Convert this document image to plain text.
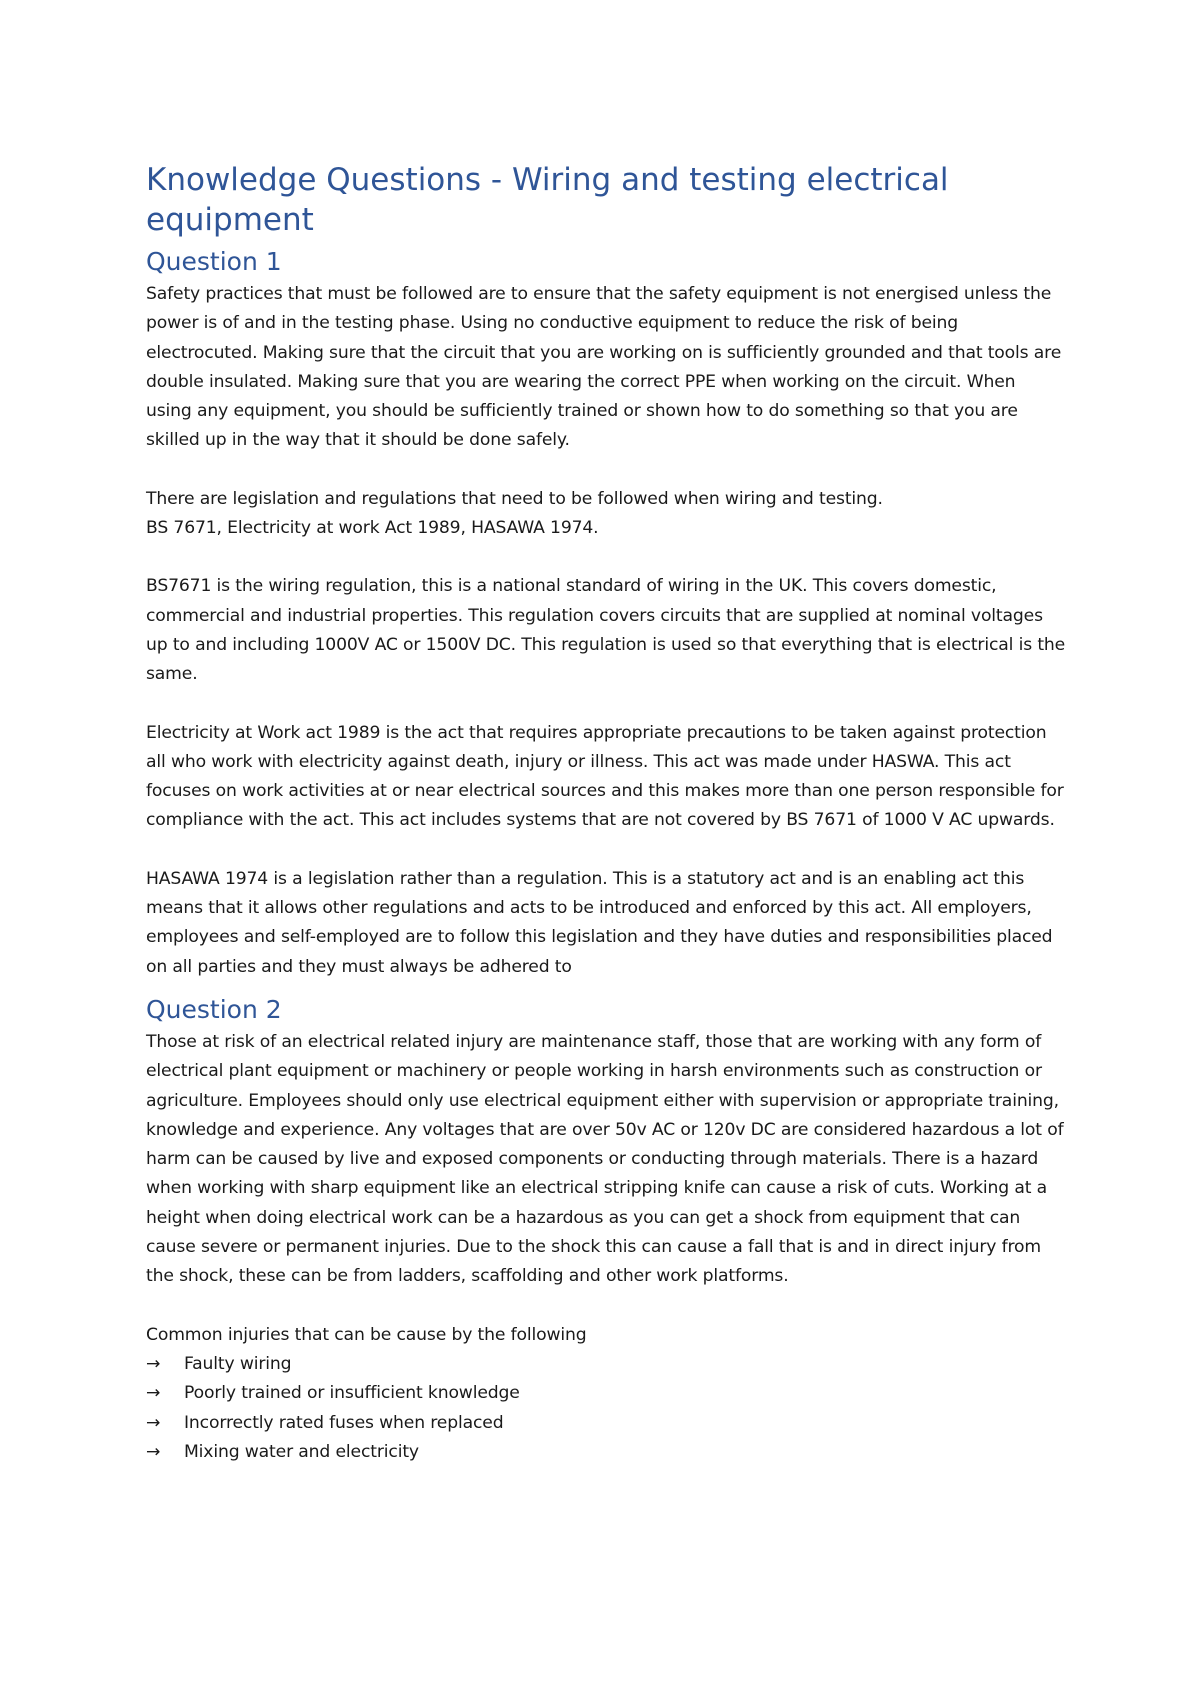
Knowledge Questions - Wiring and testing electrical equipment
Question 1

Safety practices that must be followed are to ensure that the safety equipment is not energised unless the power is of and in the testing phase. Using no conductive equipment to reduce the risk of being electrocuted. Making sure that the circuit that you are working on is sufficiently grounded and that tools are double insulated. Making sure that you are wearing the correct PPE when working on the circuit. When using any equipment, you should be sufficiently trained or shown how to do something so that you are skilled up in the way that it should be done safely.

There are legislation and regulations that need to be followed when wiring and testing.

BS 7671, Electricity at work Act 1989, HASAWA 1974.

BS7671 is the wiring regulation, this is a national standard of wiring in the UK. This covers domestic, commercial and industrial properties. This regulation covers circuits that are supplied at nominal voltages up to and including 1000V AC or 1500V DC. This regulation is used so that everything that is electrical is the same.

Electricity at Work act 1989 is the act that requires appropriate precautions to be taken against protection all who work with electricity against death, injury or illness. This act was made under HASWA. This act focuses on work activities at or near electrical sources and this makes more than one person responsible for compliance with the act. This act includes systems that are not covered by BS 7671 of 1000 V AC upwards.

HASAWA 1974 is a legislation rather than a regulation. This is a statutory act and is an enabling act this means that it allows other regulations and acts to be introduced and enforced by this act. All employers, employees and self-employed are to follow this legislation and they have duties and responsibilities placed on all parties and they must always be adhered to

Question 2

Those at risk of an electrical related injury are maintenance staff, those that are working with any form of electrical plant equipment or machinery or people working in harsh environments such as construction or agriculture. Employees should only use electrical equipment either with supervision or appropriate training, knowledge and experience. Any voltages that are over 50v AC or 120v DC are considered hazardous a lot of harm can be caused by live and exposed components or conducting through materials. There is a hazard when working with sharp equipment like an electrical stripping knife can cause a risk of cuts. Working at a height when doing electrical work can be a hazardous as you can get a shock from equipment that can cause severe or permanent injuries. Due to the shock this can cause a fall that is and in direct injury from the shock, these can be from ladders, scaffolding and other work platforms.

Common injuries that can be cause by the following

→	Faulty wiring
→	Poorly trained or insufficient knowledge
→	Incorrectly rated fuses when replaced
→	Mixing water and electricity
